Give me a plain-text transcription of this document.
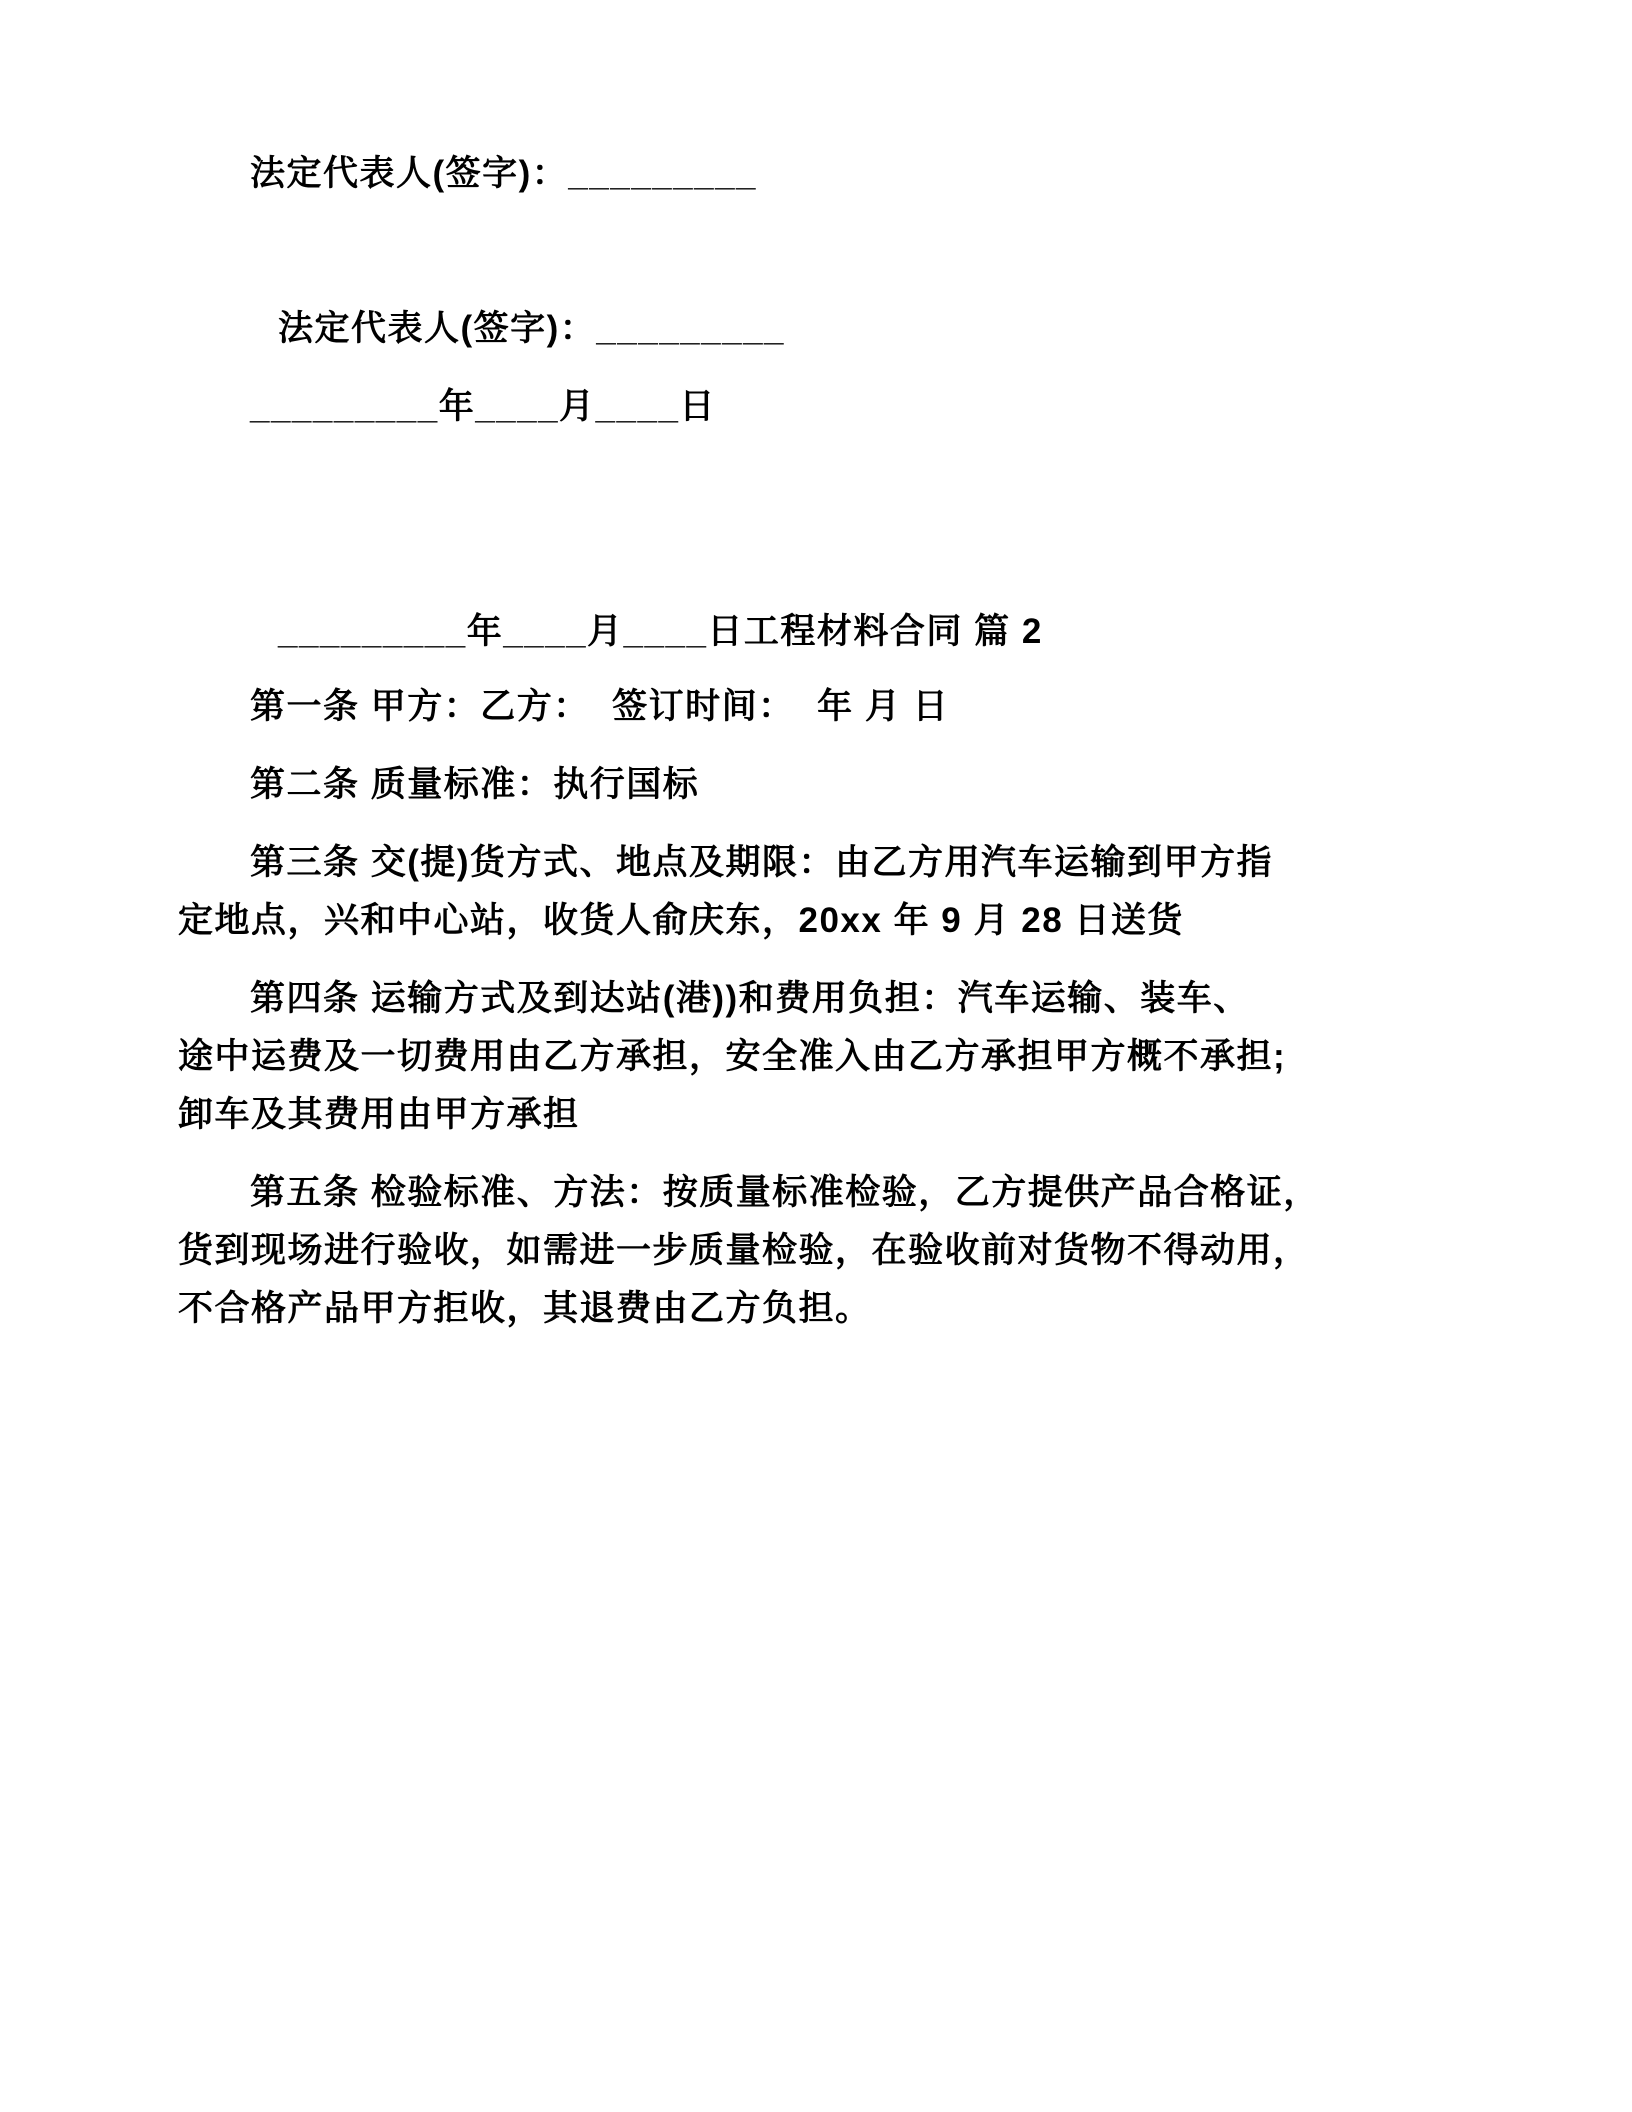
法定代表人(签字)：_________
法定代表人(签字)：_________
_________年____月____日
_________年____月____日工程材料合同 篇 2
第一条 甲方：乙方：  签订时间：  年 月 日
第二条 质量标准：执行国标
第三条 交(提)货方式、地点及期限：由乙方用汽车运输到甲方指
定地点，兴和中心站，收货人俞庆东，20xx 年 9 月 28 日送货
第四条 运输方式及到达站(港))和费用负担：汽车运输、装车、
途中运费及一切费用由乙方承担，安全准入由乙方承担甲方概不承担;
卸车及其费用由甲方承担
第五条 检验标准、方法：按质量标准检验，乙方提供产品合格证，
货到现场进行验收，如需进一步质量检验，在验收前对货物不得动用，
不合格产品甲方拒收，其退费由乙方负担。
